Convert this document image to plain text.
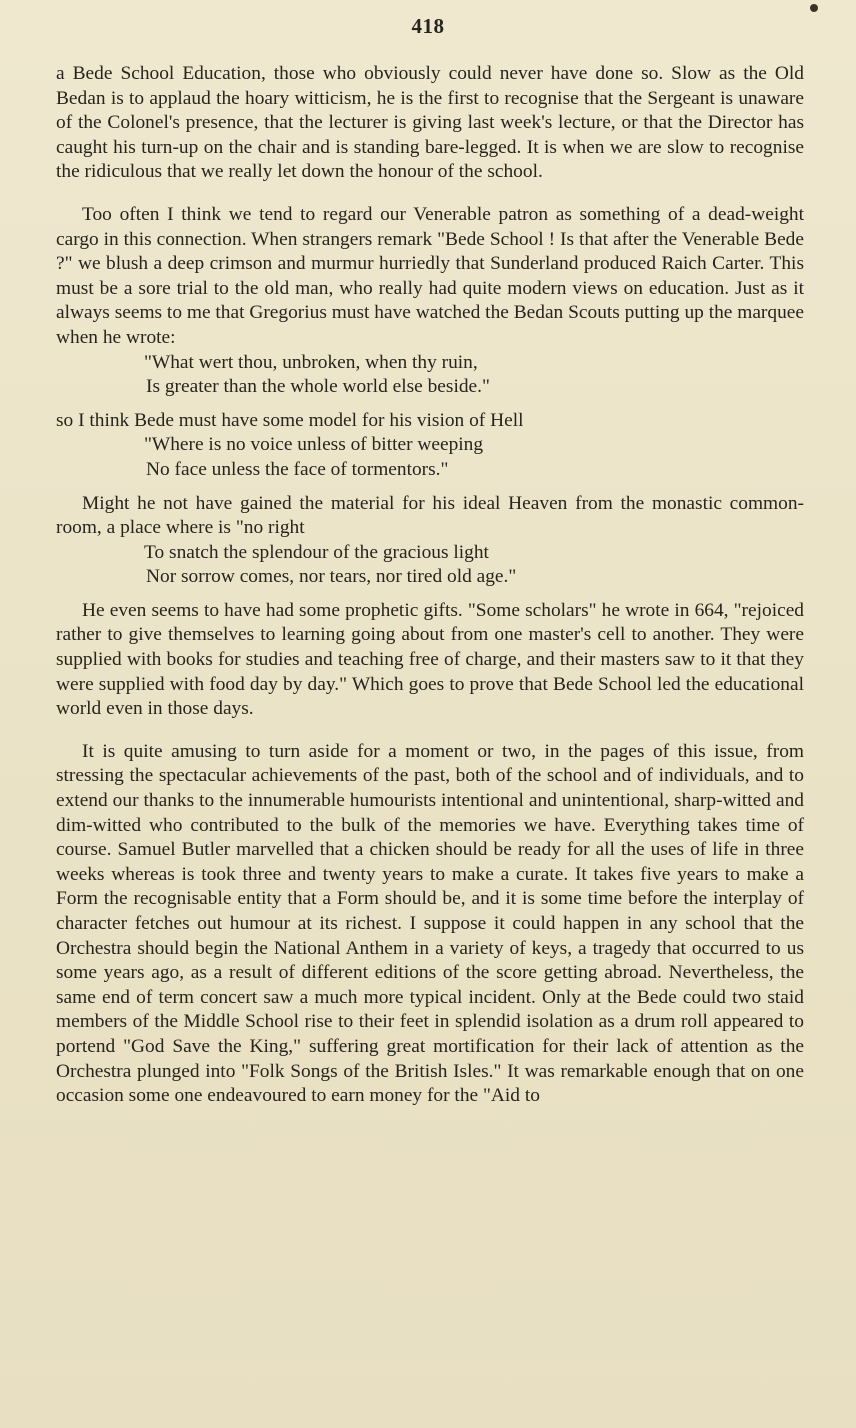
418

a Bede School Education, those who obviously could never have done so. Slow as the Old Bedan is to applaud the hoary witticism, he is the first to recognise that the Sergeant is unaware of the Colonel's presence, that the lecturer is giving last week's lecture, or that the Director has caught his turn-up on the chair and is standing bare-legged. It is when we are slow to recognise the ridiculous that we really let down the honour of the school.

Too often I think we tend to regard our Venerable patron as something of a dead-weight cargo in this connection. When strangers remark "Bede School ! Is that after the Venerable Bede ?" we blush a deep crimson and murmur hurriedly that Sunderland produced Raich Carter. This must be a sore trial to the old man, who really had quite modern views on education. Just as it always seems to me that Gregorius must have watched the Bedan Scouts putting up the marquee when he wrote:

"What wert thou, unbroken, when thy ruin,
Is greater than the whole world else beside."

so I think Bede must have some model for his vision of Hell

"Where is no voice unless of bitter weeping
No face unless the face of tormentors."

Might he not have gained the material for his ideal Heaven from the monastic common-room, a place where is "no right

To snatch the splendour of the gracious light
Nor sorrow comes, nor tears, nor tired old age."

He even seems to have had some prophetic gifts. "Some scholars" he wrote in 664, "rejoiced rather to give themselves to learning going about from one master's cell to another. They were supplied with books for studies and teaching free of charge, and their masters saw to it that they were supplied with food day by day." Which goes to prove that Bede School led the educational world even in those days.

It is quite amusing to turn aside for a moment or two, in the pages of this issue, from stressing the spectacular achievements of the past, both of the school and of individuals, and to extend our thanks to the innumerable humourists intentional and unintentional, sharp-witted and dim-witted who contributed to the bulk of the memories we have. Everything takes time of course. Samuel Butler marvelled that a chicken should be ready for all the uses of life in three weeks whereas is took three and twenty years to make a curate. It takes five years to make a Form the recognisable entity that a Form should be, and it is some time before the interplay of character fetches out humour at its richest. I suppose it could happen in any school that the Orchestra should begin the National Anthem in a variety of keys, a tragedy that occurred to us some years ago, as a result of different editions of the score getting abroad. Nevertheless, the same end of term concert saw a much more typical incident. Only at the Bede could two staid members of the Middle School rise to their feet in splendid isolation as a drum roll appeared to portend "God Save the King," suffering great mortification for their lack of attention as the Orchestra plunged into "Folk Songs of the British Isles." It was remarkable enough that on one occasion some one endeavoured to earn money for the "Aid to
